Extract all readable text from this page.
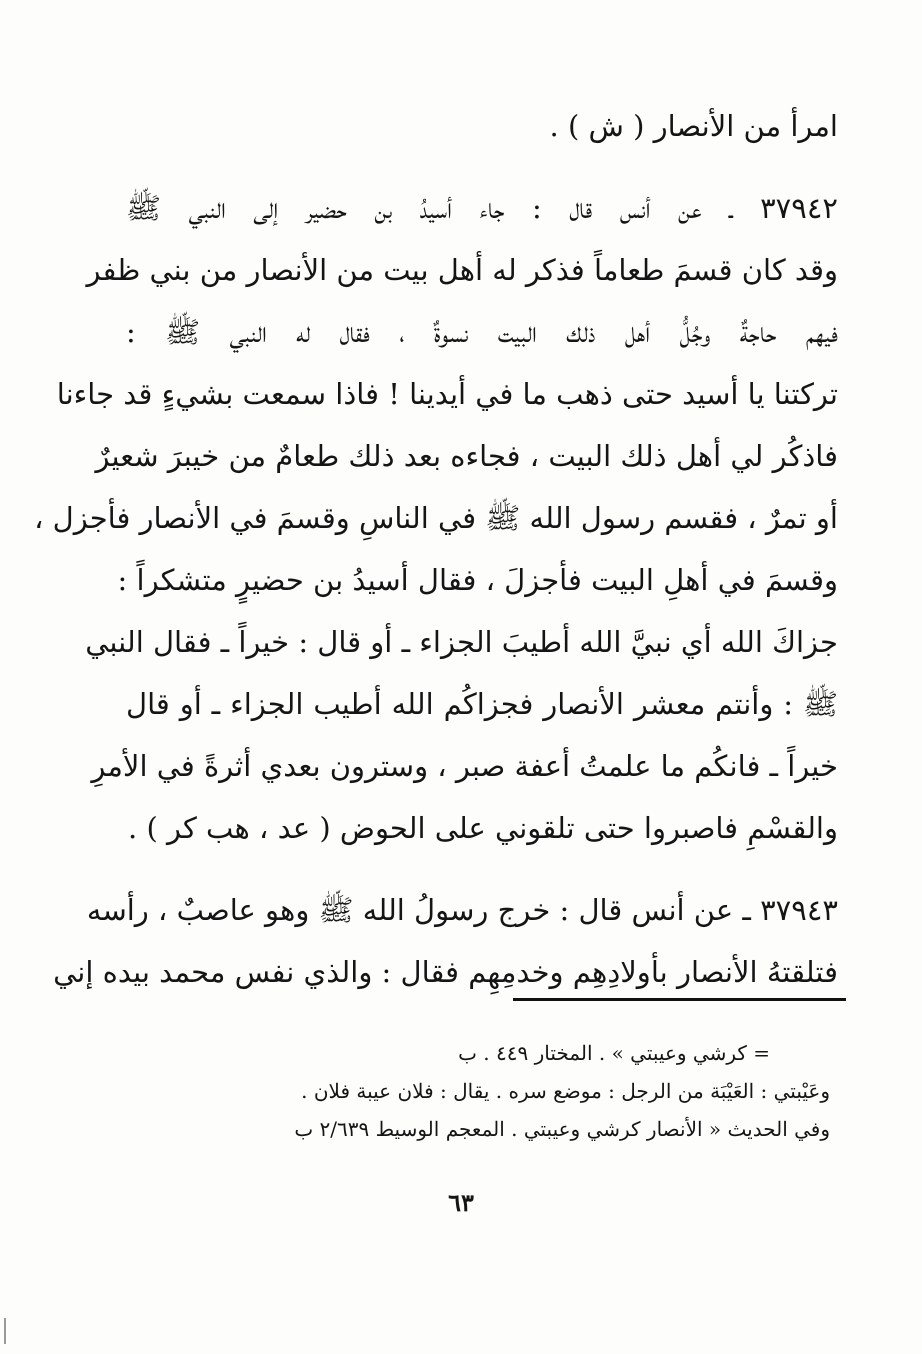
امرأ من الأنصار ( ش ) .
٣٧٩٤٢ ـ عن أنس قال : جاء أسيدُ بن حضير إلى النبي ﷺ
وقد كان قسمَ طعاماً فذكر له أهل بيت من الأنصار من بني ظفر
فيهم حاجةٌ وجُلُّ أهل ذلك البيت نسوةٌ ، فقال له النبي ﷺ :
تركتنا يا أسيد حتى ذهب ما في أيدينا ! فاذا سمعت بشيءٍ قد جاءنا
فاذكُر لي أهل ذلك البيت ، فجاءه بعد ذلك طعامٌ من خيبرَ شعيرٌ
أو تمرٌ ، فقسم رسول الله ﷺ في الناسِ وقسمَ في الأنصار فأجزل ،
وقسمَ في أهلِ البيت فأجزلَ ، فقال أسيدُ بن حضيرٍ متشكراً :
جزاكَ الله أي نبيَّ الله أطيبَ الجزاء ـ أو قال : خيراً ـ فقال النبي
ﷺ : وأنتم معشر الأنصار فجزاكُم الله أطيب الجزاء ـ أو قال
خيراً ـ فانكُم ما علمتُ أعفة صبر ، وسترون بعدي أثرةً في الأمرِ
والقسْمِ فاصبروا حتى تلقوني على الحوض ( عد ، هب كر ) .
٣٧٩٤٣ ـ عن أنس قال : خرج رسولُ الله ﷺ وهو عاصبٌ ، رأسه
فتلقتهُ الأنصار بأولادِهِم وخدمِهِم فقال : والذي نفس محمد بيده إني
= كرشي وعيبتي » . المختار ٤٤٩ . ب
وعَيْبتي : العَيْبَة من الرجل : موضع سره . يقال : فلان عيبة فلان .
وفي الحديث « الأنصار كرشي وعيبتي . المعجم الوسيط ٢/٦٣٩ ب
٦٣
